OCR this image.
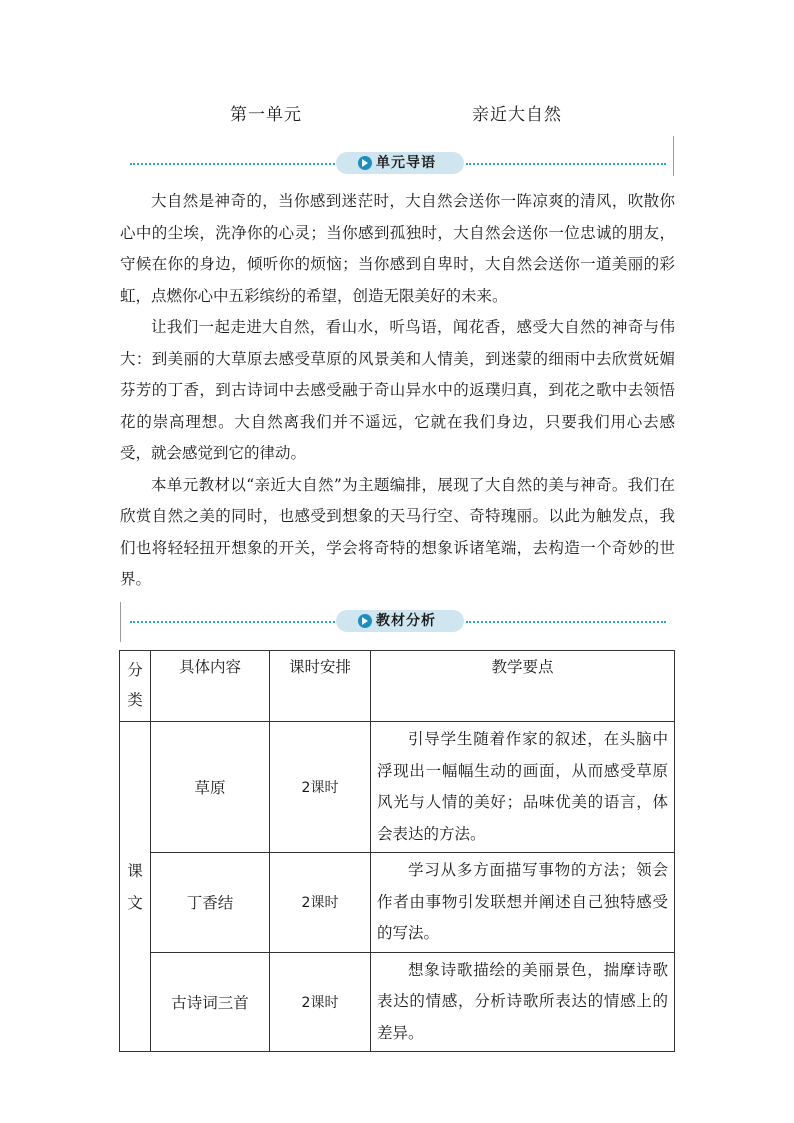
第一单元	亲近大自然
单元导语

大自然是神奇的，当你感到迷茫时，大自然会送你一阵凉爽的清风，吹散你心中的尘埃，洗净你的心灵；当你感到孤独时，大自然会送你一位忠诚的朋友，守候在你的身边，倾听你的烦恼；当你感到自卑时，大自然会送你一道美丽的彩虹，点燃你心中五彩缤纷的希望，创造无限美好的未来。

让我们一起走进大自然，看山水，听鸟语，闻花香，感受大自然的神奇与伟大：到美丽的大草原去感受草原的风景美和人情美，到迷蒙的细雨中去欣赏妩媚芬芳的丁香，到古诗词中去感受融于奇山异水中的返璞归真，到花之歌中去领悟花的崇高理想。大自然离我们并不遥远，它就在我们身边，只要我们用心去感受，就会感觉到它的律动。

本单元教材以“亲近大自然”为主题编排，展现了大自然的美与神奇。我们在欣赏自然之美的同时，也感受到想象的天马行空、奇特瑰丽。以此为触发点，我们也将轻轻扭开想象的开关，学会将奇特的想象诉诸笔端，去构造一个奇妙的世界。

教材分析
分类	具体内容	课时安排	教学要点
课文	草原	2课时	引导学生随着作家的叙述，在头脑中浮现出一幅幅生动的画面，从而感受草原风光与人情的美好；品味优美的语言，体会表达的方法。

	丁香结	2课时	学习从多方面描写事物的方法；领会作者由事物引发联想并阐述自己独特感受的写法。

	古诗词三首	2课时	想象诗歌描绘的美丽景色，揣摩诗歌表达的情感，分析诗歌所表达的情感上的差异。
